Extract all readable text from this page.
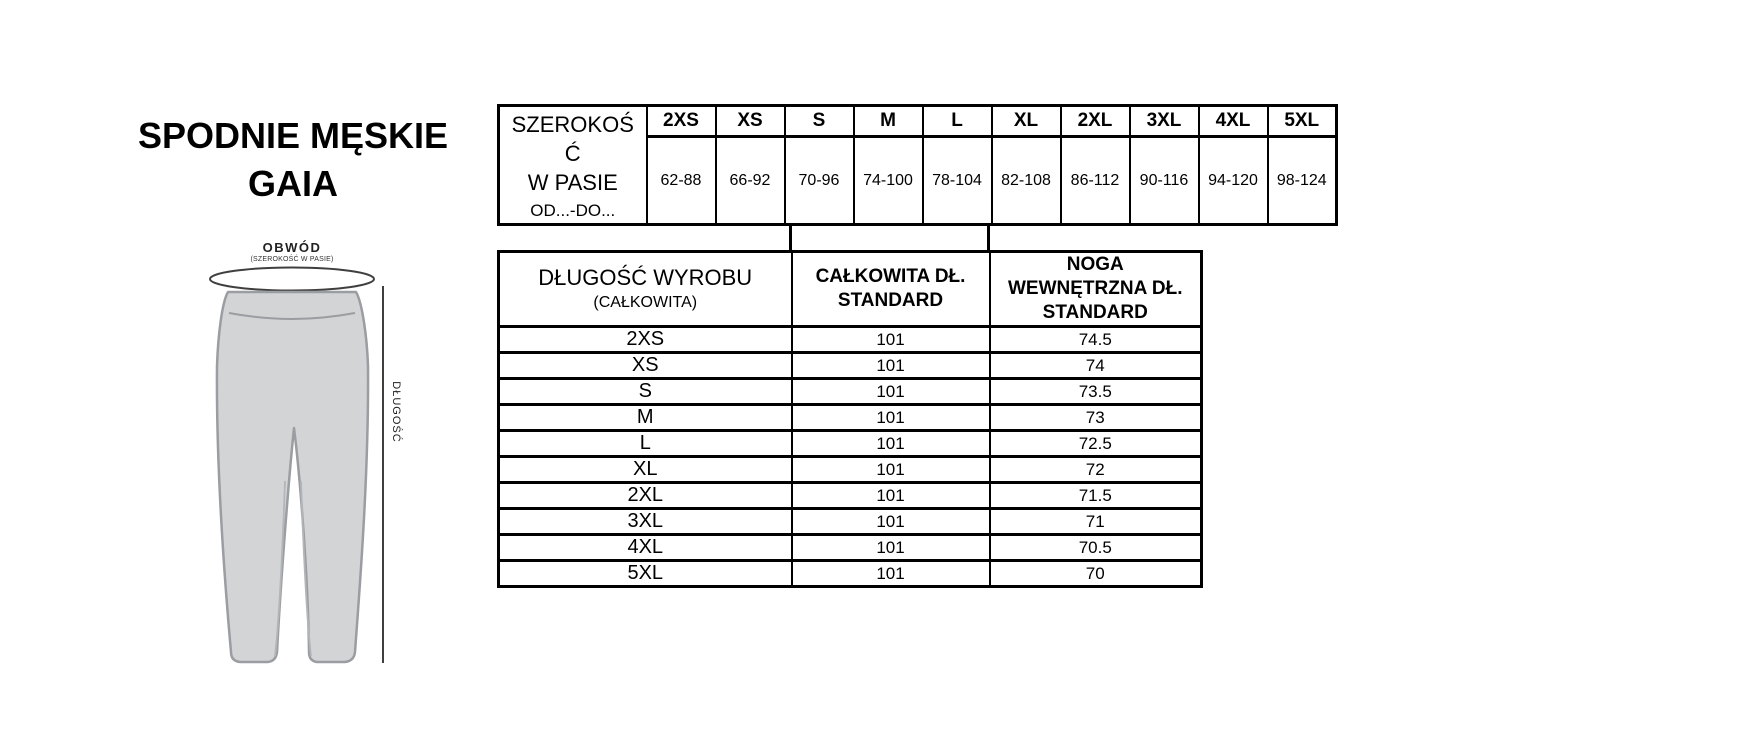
SPODNIE MĘSKIE
GAIA
OBWÓD
(SZEROKOŚĆ W PASIE)
DŁUGOŚĆ
SZEROKOŚ
Ć
W PASIE
OD...-DO...	2XS	XS	S	M	L	XL	2XL	3XL	4XL	5XL
	62-88	66-92	70-96	74-100	78-104	82-108	86-112	90-116	94-120	98-124
DŁUGOŚĆ WYROBU
(CAŁKOWITA)	CAŁKOWITA DŁ. STANDARD	NOGA WEWNĘTRZNA DŁ. STANDARD

2XS	101	74.5
XS	101	74
S	101	73.5
M	101	73
L	101	72.5
XL	101	72
2XL	101	71.5
3XL	101	71
4XL	101	70.5
5XL	101	70
